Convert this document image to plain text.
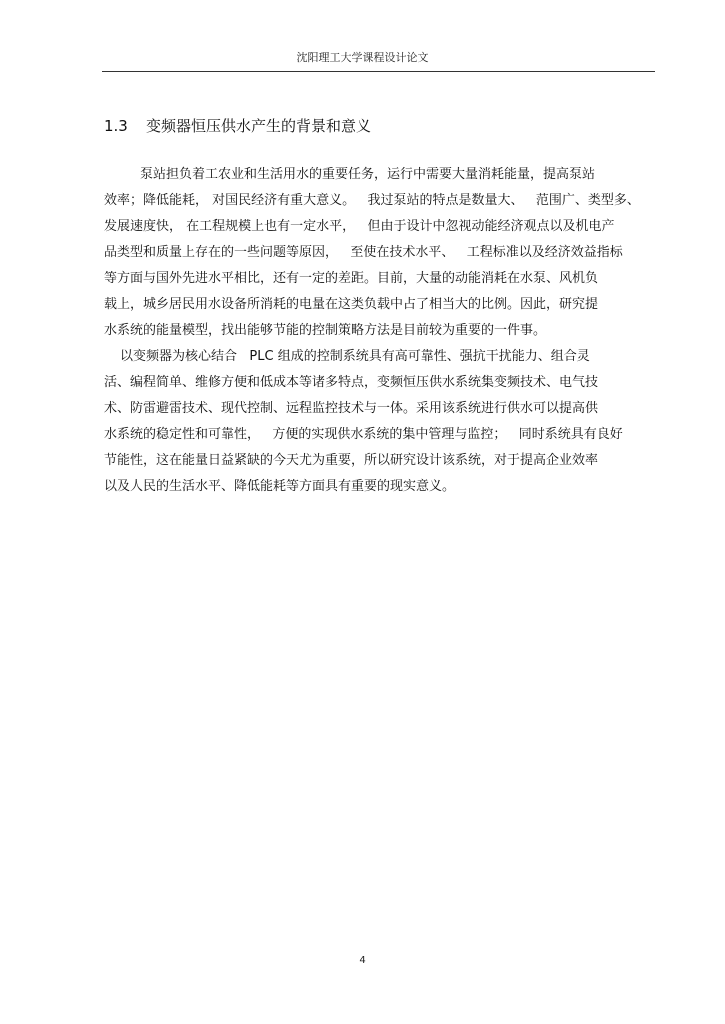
沈阳理工大学课程设计论文
1.3 变频器恒压供水产生的背景和意义
泵站担负着工农业和生活用水的重要任务，运行中需要大量消耗能量，提高泵站
效率；降低能耗， 对国民经济有重大意义。   我过泵站的特点是数量大、   范围广、类型多、
发展速度快， 在工程规模上也有一定水平，   但由于设计中忽视动能经济观点以及机电产
品类型和质量上存在的一些问题等原因，   至使在技术水平、   工程标准以及经济效益指标
等方面与国外先进水平相比，还有一定的差距。目前，大量的动能消耗在水泵、风机负
载上，城乡居民用水设备所消耗的电量在这类负载中占了相当大的比例。因此，研究提
水系统的能量模型，找出能够节能的控制策略方法是目前较为重要的一件事。
以变频器为核心结合   PLC 组成的控制系统具有高可靠性、强抗干扰能力、组合灵
活、编程简单、维修方便和低成本等诸多特点，变频恒压供水系统集变频技术、电气技
术、防雷避雷技术、现代控制、远程监控技术与一体。采用该系统进行供水可以提高供
水系统的稳定性和可靠性，   方便的实现供水系统的集中管理与监控；   同时系统具有良好
节能性，这在能量日益紧缺的今天尤为重要，所以研究设计该系统，对于提高企业效率
以及人民的生活水平、降低能耗等方面具有重要的现实意义。
4
